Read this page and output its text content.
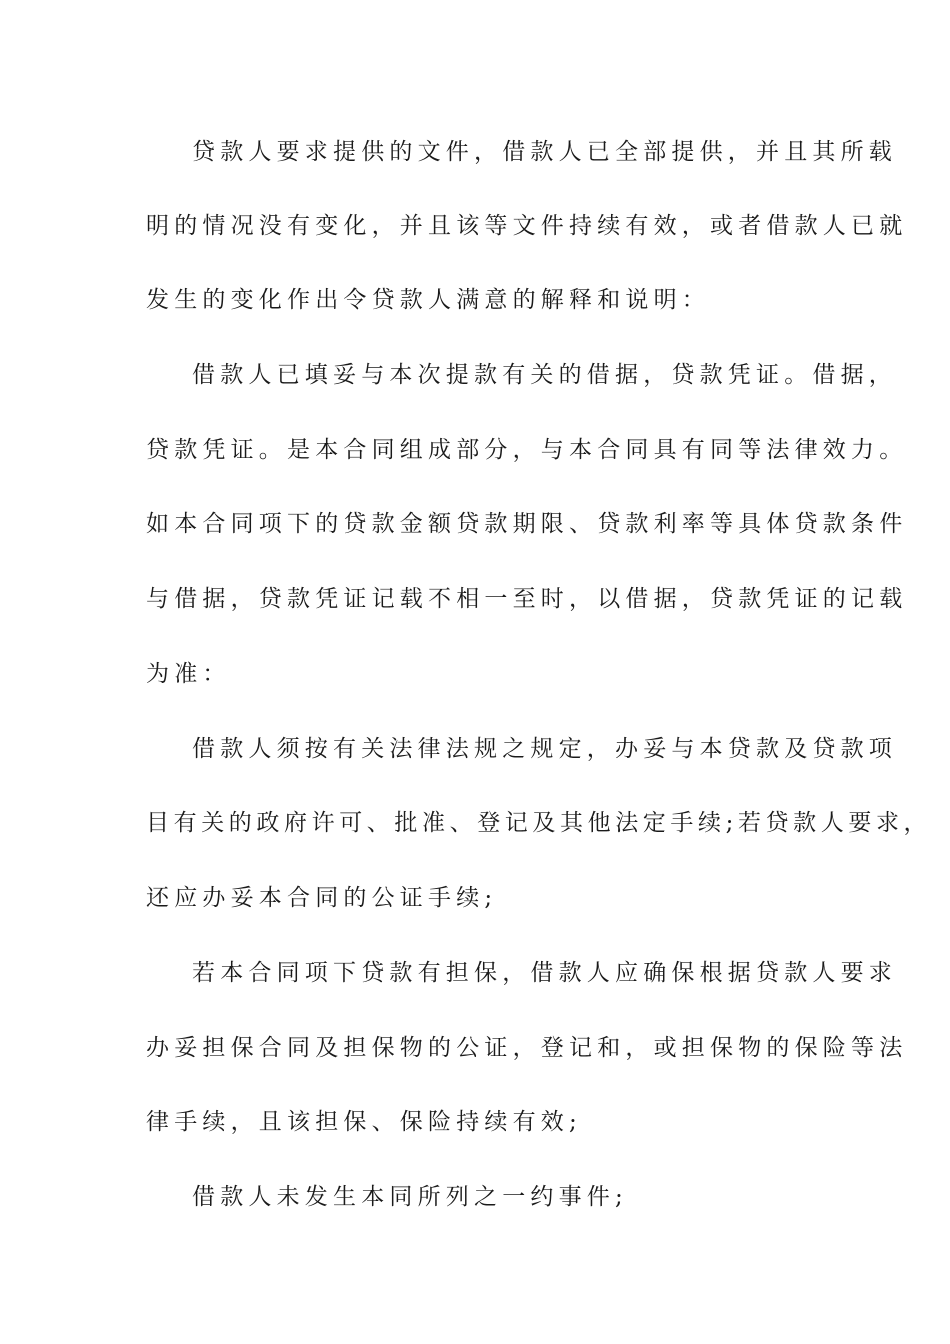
贷款人要求提供的文件，借款人已全部提供，并且其所载
明的情况没有变化，并且该等文件持续有效，或者借款人已就
发生的变化作出令贷款人满意的解释和说明：
借款人已填妥与本次提款有关的借据，贷款凭证。借据，
贷款凭证。是本合同组成部分，与本合同具有同等法律效力。
如本合同项下的贷款金额贷款期限、贷款利率等具体贷款条件
与借据，贷款凭证记载不相一至时，以借据，贷款凭证的记载
为准：
借款人须按有关法律法规之规定，办妥与本贷款及贷款项
目有关的政府许可、批准、登记及其他法定手续;若贷款人要求，
还应办妥本合同的公证手续;
若本合同项下贷款有担保，借款人应确保根据贷款人要求
办妥担保合同及担保物的公证，登记和，或担保物的保险等法
律手续，且该担保、保险持续有效;
借款人未发生本同所列之一约事件;
